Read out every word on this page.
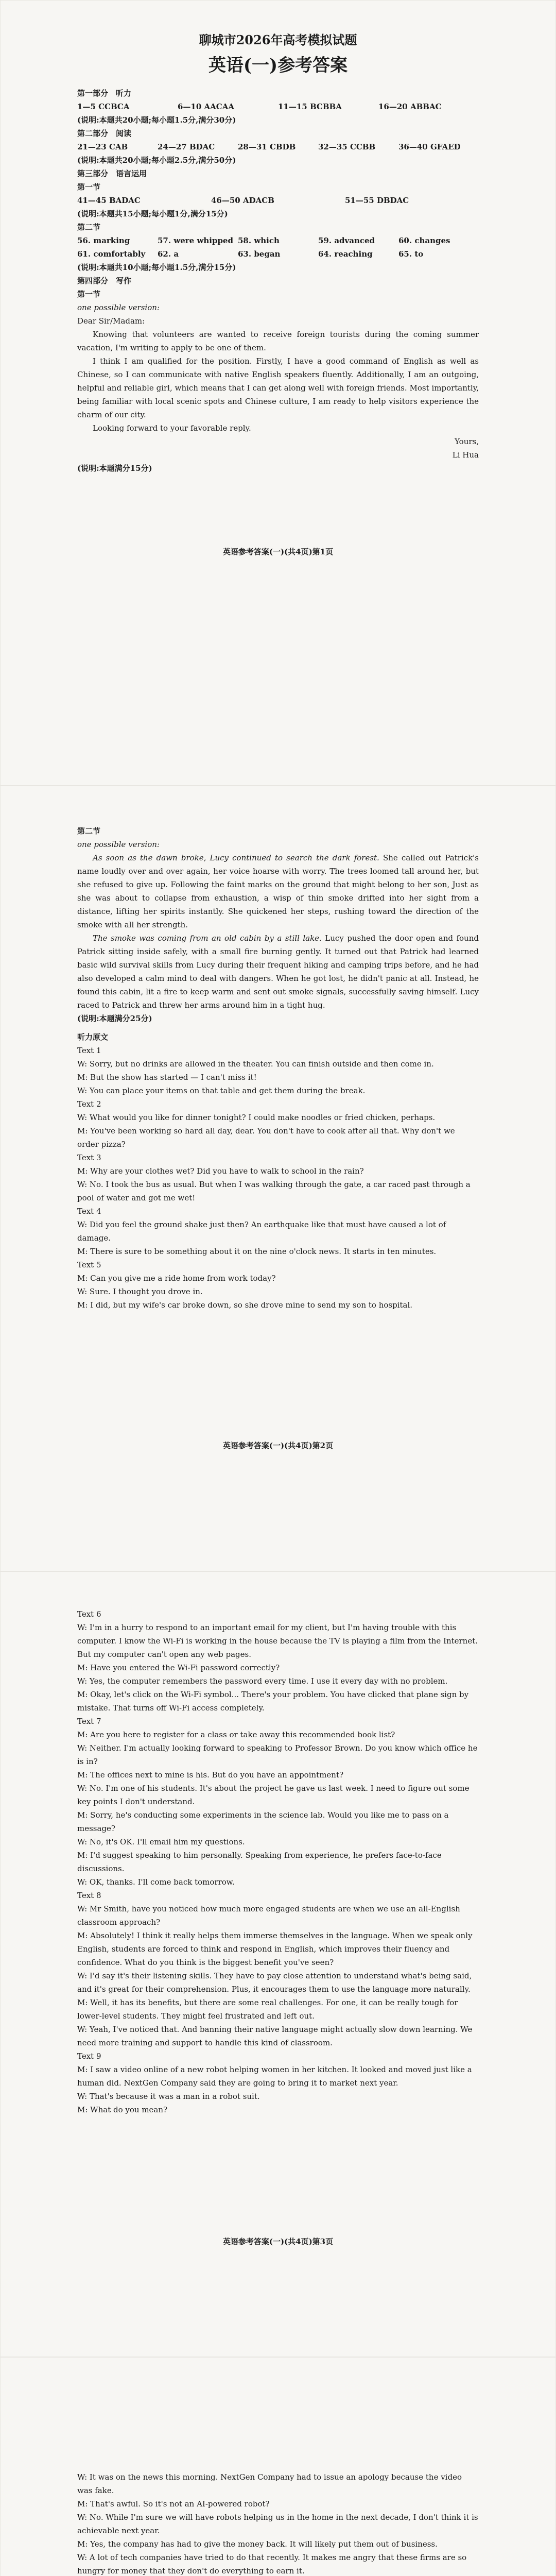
聊城市2026年高考模拟试题
英语(一)参考答案

第一部分　听力

1—5 CCBCA	6—10 AACAA	11—15 BCBBA	16—20 ABBAC

(说明:本题共20小题;每小题1.5分,满分30分)

第二部分　阅读

21—23 CAB	24—27 BDAC	28—31 CBDB	32—35 CCBB	36—40 GFAED

(说明:本题共20小题;每小题2.5分,满分50分)

第三部分　语言运用

第一节

41—45 BADAC	46—50 ADACB	51—55 DBDAC

(说明:本题共15小题;每小题1分,满分15分)

第二节

56. marking	57. were whipped 58. which	59. advanced	60. changes
61. comfortably	62. a	63. began	64. reaching	65. to

(说明:本题共10小题;每小题1.5分,满分15分)

第四部分　写作

第一节

one possible version:

Dear Sir/Madam:

Knowing that volunteers are wanted to receive foreign tourists during the coming summer vacation, I'm writing to apply to be one of them.

I think I am qualified for the position. Firstly, I have a good command of English as well as Chinese, so I can communicate with native English speakers fluently. Additionally, I am an outgoing, helpful and reliable girl, which means that I can get along well with foreign friends. Most importantly, being familiar with local scenic spots and Chinese culture, I am ready to help visitors experience the charm of our city.

Looking forward to your favorable reply.

Yours,

Li Hua

(说明:本题满分15分)

英语参考答案(一)(共4页)第1页

第二节

one possible version:

As soon as the dawn broke, Lucy continued to search the dark forest. She called out Patrick's name loudly over and over again, her voice hoarse with worry. The trees loomed tall around her, but she refused to give up. Following the faint marks on the ground that might belong to her son, Just as she was about to collapse from exhaustion, a wisp of thin smoke drifted into her sight from a distance, lifting her spirits instantly. She quickened her steps, rushing toward the direction of the smoke with all her strength.

The smoke was coming from an old cabin by a still lake. Lucy pushed the door open and found Patrick sitting inside safely, with a small fire burning gently. It turned out that Patrick had learned basic wild survival skills from Lucy during their frequent hiking and camping trips before, and he had also developed a calm mind to deal with dangers. When he got lost, he didn't panic at all. Instead, he found this cabin, lit a fire to keep warm and sent out smoke signals, successfully saving himself. Lucy raced to Patrick and threw her arms around him in a tight hug.

(说明:本题满分25分)

听力原文

Text 1

W: Sorry, but no drinks are allowed in the theater. You can finish outside and then come in.

M: But the show has started — I can't miss it!

W: You can place your items on that table and get them during the break.

Text 2

W: What would you like for dinner tonight? I could make noodles or fried chicken, perhaps.

M: You've been working so hard all day, dear. You don't have to cook after all that. Why don't we order pizza?

Text 3

M: Why are your clothes wet? Did you have to walk to school in the rain?

W: No. I took the bus as usual. But when I was walking through the gate, a car raced past through a pool of water and got me wet!

Text 4

W: Did you feel the ground shake just then? An earthquake like that must have caused a lot of damage.

M: There is sure to be something about it on the nine o'clock news. It starts in ten minutes.

Text 5

M: Can you give me a ride home from work today?

W: Sure. I thought you drove in.

M: I did, but my wife's car broke down, so she drove mine to send my son to hospital.

英语参考答案(一)(共4页)第2页

Text 6

W: I'm in a hurry to respond to an important email for my client, but I'm having trouble with this computer. I know the Wi-Fi is working in the house because the TV is playing a film from the Internet. But my computer can't open any web pages.

M: Have you entered the Wi-Fi password correctly?

W: Yes, the computer remembers the password every time. I use it every day with no problem.

M: Okay, let's click on the Wi-Fi symbol... There's your problem. You have clicked that plane sign by mistake. That turns off Wi-Fi access completely.

Text 7

M: Are you here to register for a class or take away this recommended book list?

W: Neither. I'm actually looking forward to speaking to Professor Brown. Do you know which office he is in?

M: The offices next to mine is his. But do you have an appointment?

W: No. I'm one of his students. It's about the project he gave us last week. I need to figure out some key points I don't understand.

M: Sorry, he's conducting some experiments in the science lab. Would you like me to pass on a message?

W: No, it's OK. I'll email him my questions.

M: I'd suggest speaking to him personally. Speaking from experience, he prefers face-to-face discussions.

W: OK, thanks. I'll come back tomorrow.

Text 8

W: Mr Smith, have you noticed how much more engaged students are when we use an all-English classroom approach?

M: Absolutely! I think it really helps them immerse themselves in the language. When we speak only English, students are forced to think and respond in English, which improves their fluency and confidence. What do you think is the biggest benefit you've seen?

W: I'd say it's their listening skills. They have to pay close attention to understand what's being said, and it's great for their comprehension. Plus, it encourages them to use the language more naturally.

M: Well, it has its benefits, but there are some real challenges. For one, it can be really tough for lower-level students. They might feel frustrated and left out.

W: Yeah, I've noticed that. And banning their native language might actually slow down learning. We need more training and support to handle this kind of classroom.

Text 9

M: I saw a video online of a new robot helping women in her kitchen. It looked and moved just like a human did. NextGen Company said they are going to bring it to market next year.

W: That's because it was a man in a robot suit.

M: What do you mean?

英语参考答案(一)(共4页)第3页

W: It was on the news this morning. NextGen Company had to issue an apology because the video was fake.

M: That's awful. So it's not an AI-powered robot?

W: No. While I'm sure we will have robots helping us in the home in the next decade, I don't think it is achievable next year.

M: Yes, the company has had to give the money back. It will likely put them out of business.

W: A lot of tech companies have tried to do that recently. It makes me angry that these firms are so hungry for money that they don't do everything to earn it.
